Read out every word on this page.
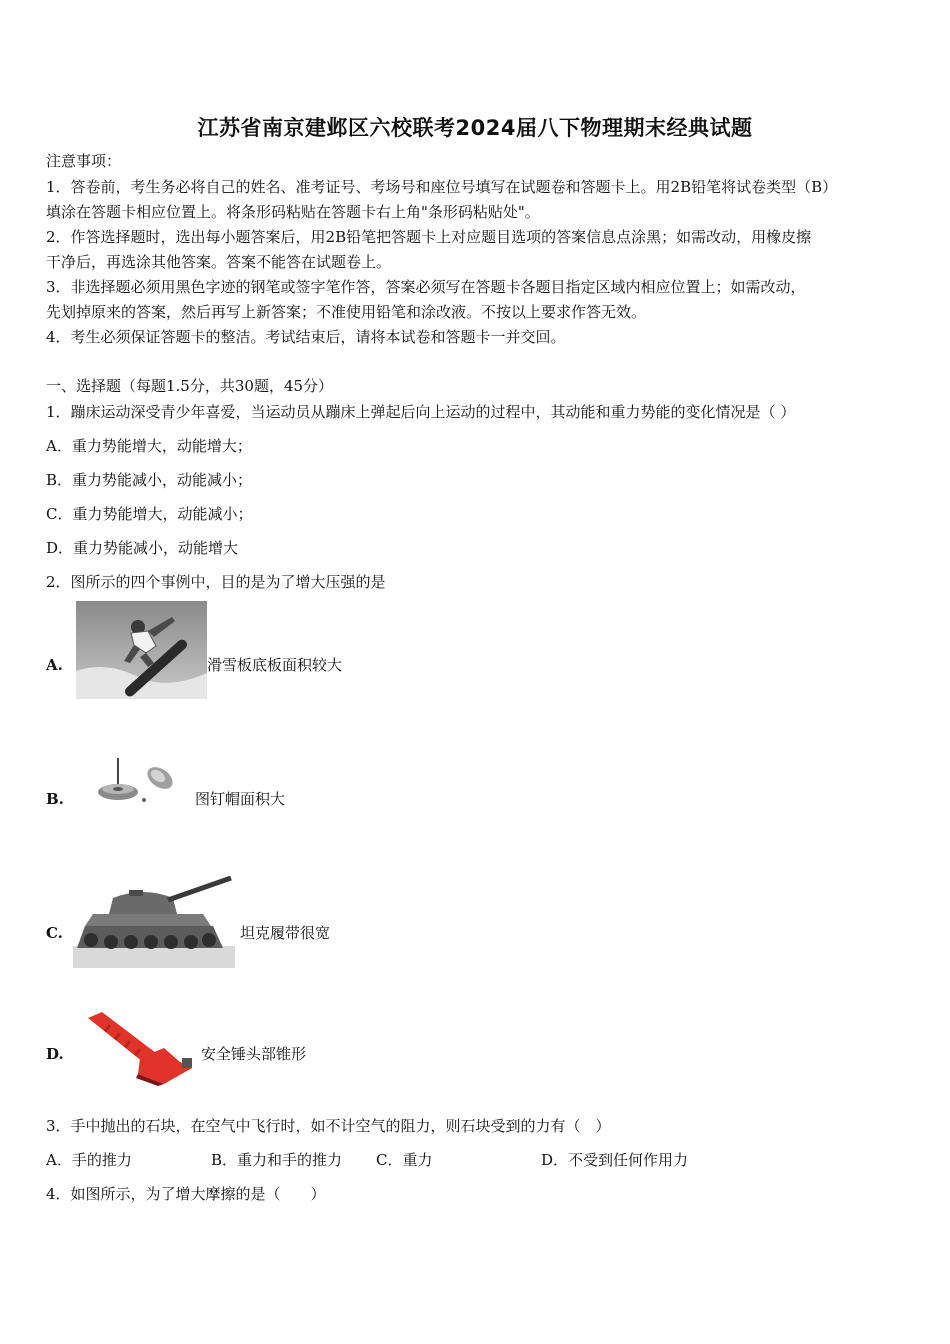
江苏省南京建邺区六校联考2024届八下物理期末经典试题
注意事项：
1．答卷前，考生务必将自己的姓名、准考证号、考场号和座位号填写在试题卷和答题卡上。用2B铅笔将试卷类型（B）
填涂在答题卡相应位置上。将条形码粘贴在答题卡右上角"条形码粘贴处"。
2．作答选择题时，选出每小题答案后，用2B铅笔把答题卡上对应题目选项的答案信息点涂黑；如需改动，用橡皮擦
干净后，再选涂其他答案。答案不能答在试题卷上。
3．非选择题必须用黑色字迹的钢笔或签字笔作答，答案必须写在答题卡各题目指定区域内相应位置上；如需改动，
先划掉原来的答案，然后再写上新答案；不准使用铅笔和涂改液。不按以上要求作答无效。
4．考生必须保证答题卡的整洁。考试结束后，请将本试卷和答题卡一并交回。
一、选择题（每题1.5分，共30题，45分）
1．蹦床运动深受青少年喜爱，当运动员从蹦床上弹起后向上运动的过程中，其动能和重力势能的变化情况是（ ）
A．重力势能增大，动能增大；
B．重力势能减小，动能减小；
C．重力势能增大，动能减小；
D．重力势能减小，动能增大
2．图所示的四个事例中，目的是为了增大压强的是
A.	滑雪板底板面积较大
B.	图钉帽面积大
C.	坦克履带很宽
D.	安全锤头部锥形
3．手中抛出的石块，在空气中飞行时，如不计空气的阻力，则石块受到的力有（　）
A．手的推力	B．重力和手的推力 C．重力	D．不受到任何作用力
4．如图所示，为了增大摩擦的是（　　）
